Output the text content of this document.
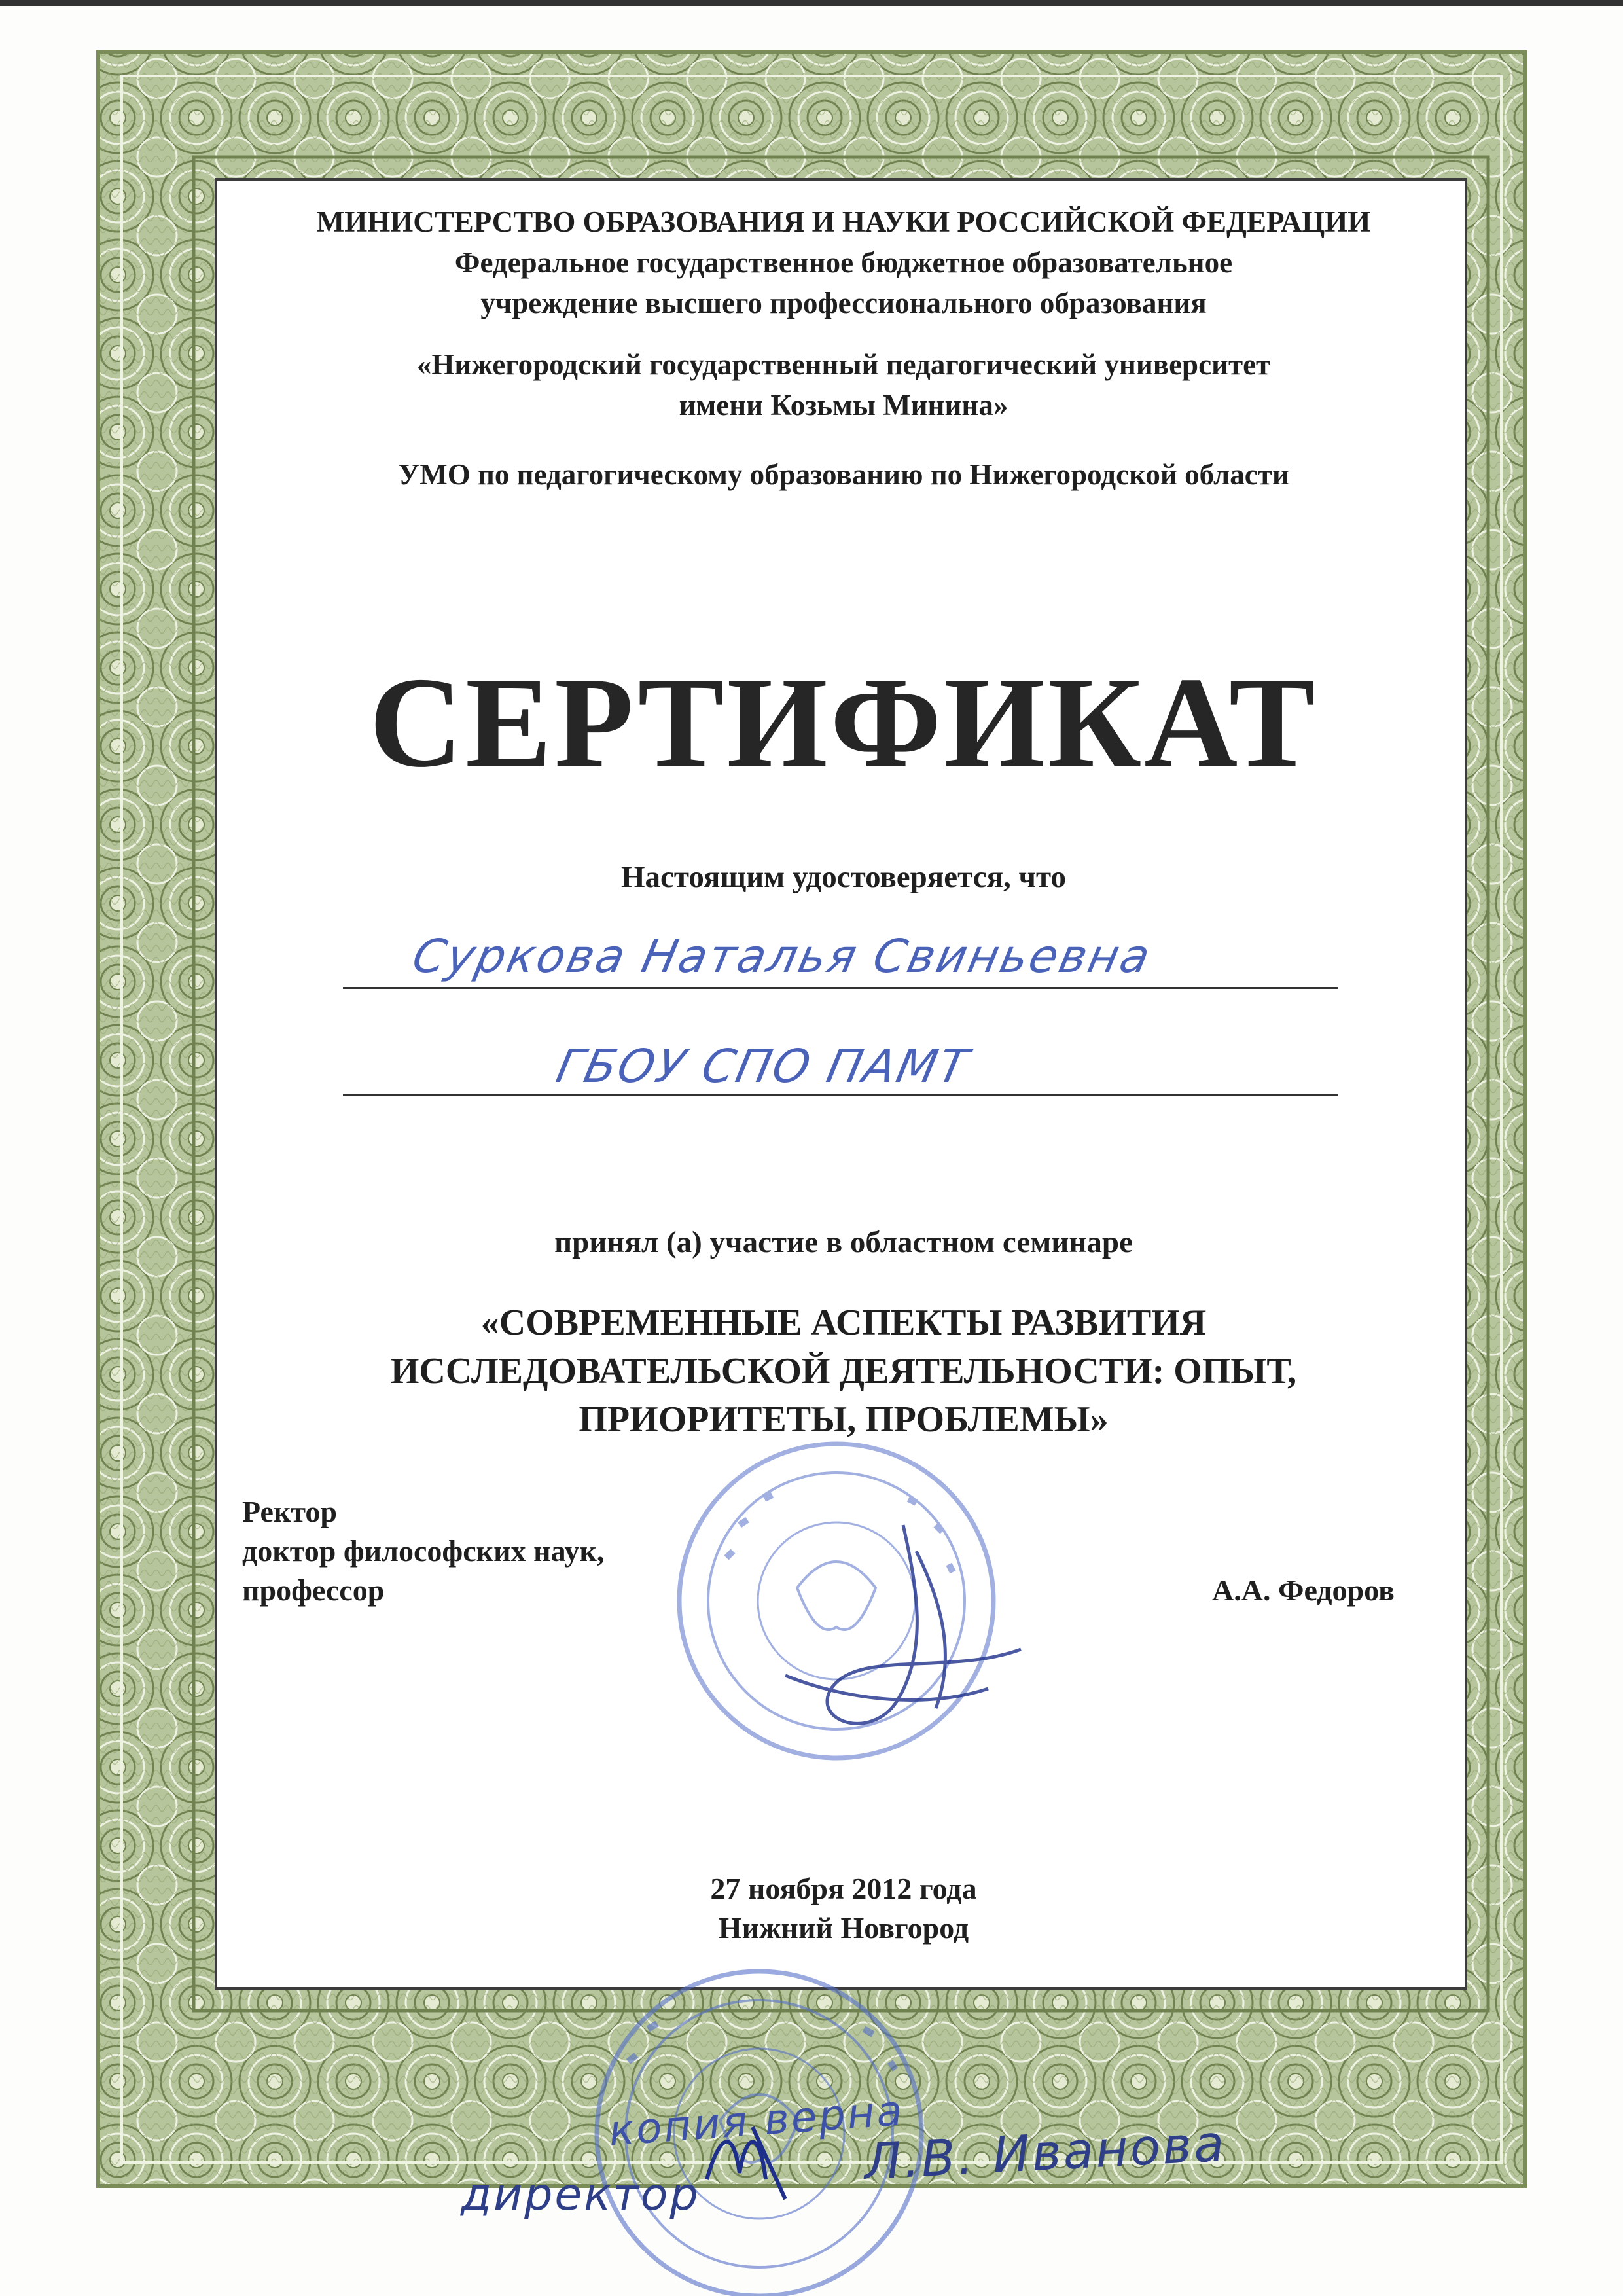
МИНИСТЕРСТВО ОБРАЗОВАНИЯ И НАУКИ РОССИЙСКОЙ ФЕДЕРАЦИИ
Федеральное государственное бюджетное образовательное
учреждение высшего профессионального образования
«Нижегородский государственный педагогический университет
имени Козьмы Минина»
УМО по педагогическому образованию по Нижегородской области
СЕРТИФИКАТ
Настоящим удостоверяется, что
Суркова Наталья Свиньевна
ГБОУ СПО ПАМТ
принял (а) участие в областном семинаре
«СОВРЕМЕННЫЕ АСПЕКТЫ РАЗВИТИЯ
ИССЛЕДОВАТЕЛЬСКОЙ ДЕЯТЕЛЬНОСТИ: ОПЫТ,
ПРИОРИТЕТЫ, ПРОБЛЕМЫ»
Ректор
доктор философских наук,
профессор	А.А. Федоров
27 ноября 2012 года
Нижний Новгород
копия верна
директор
Л.В. Иванова
